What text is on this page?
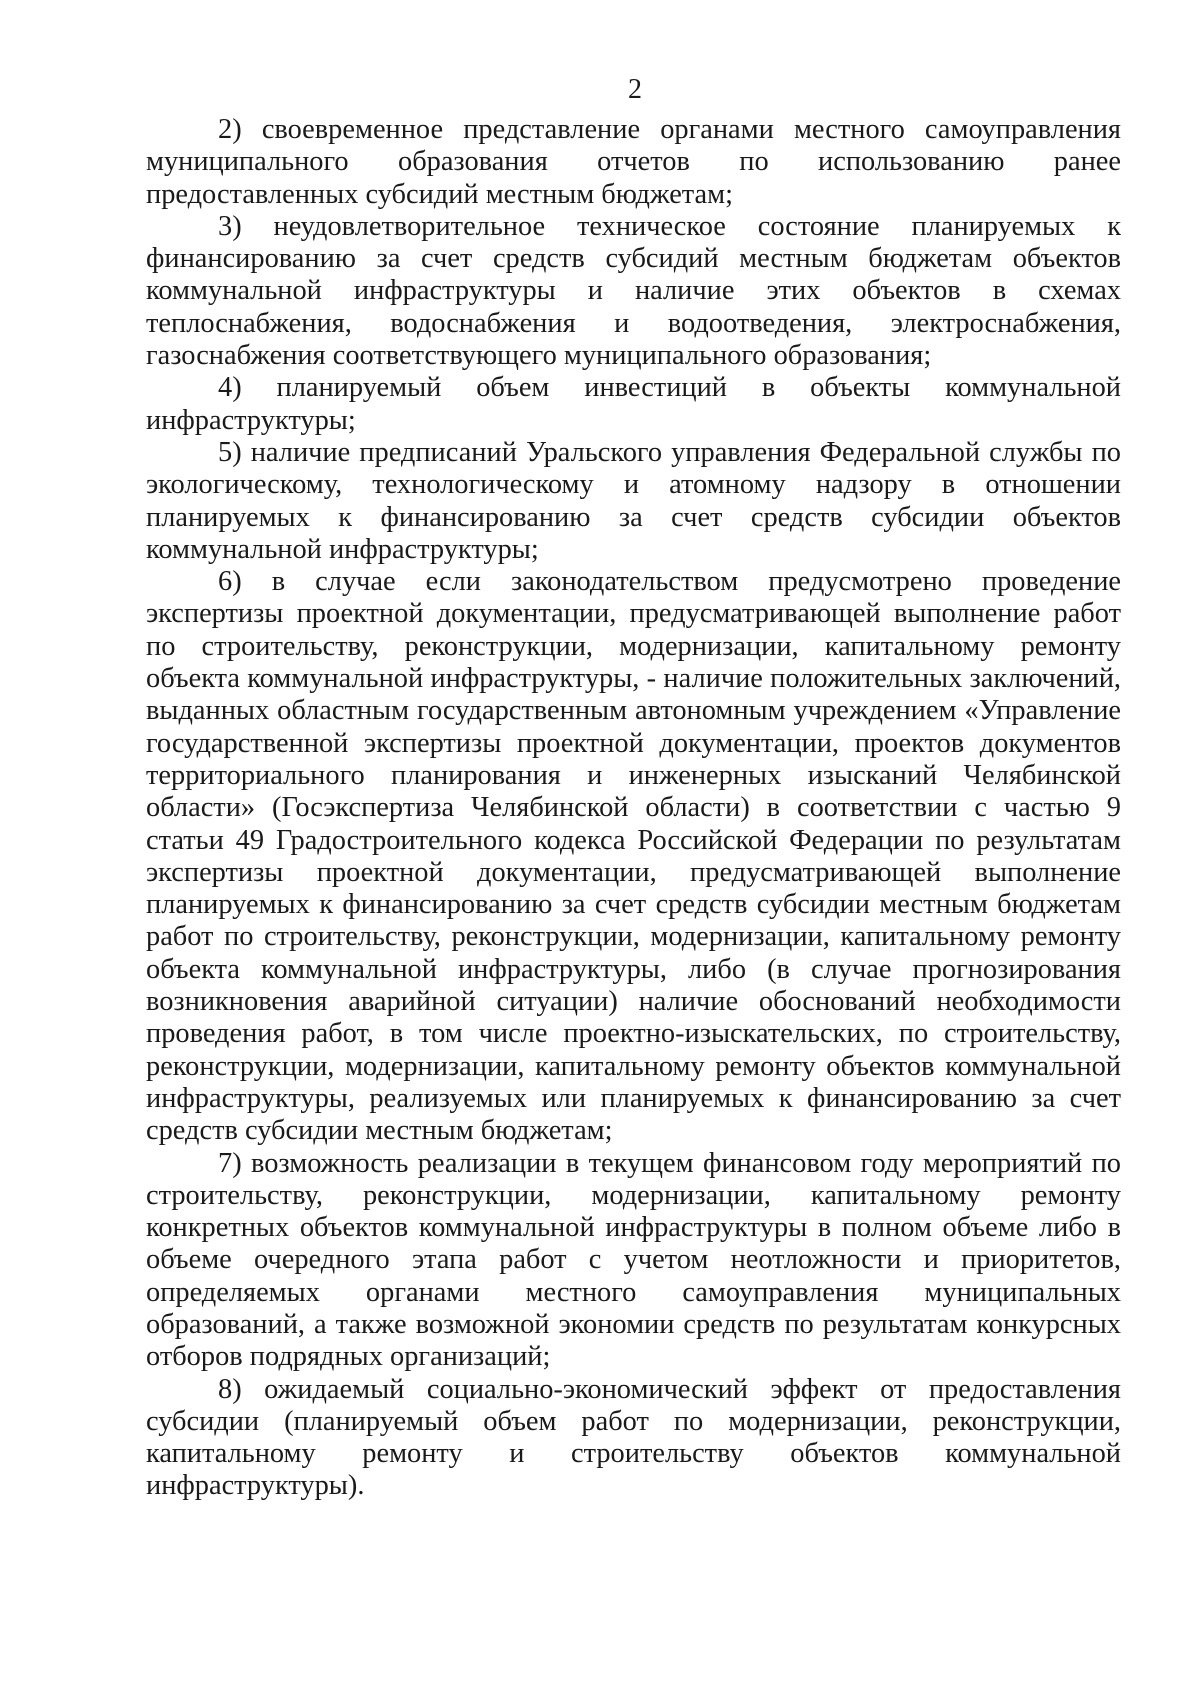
2

2) своевременное представление органами местного самоуправления муниципального образования отчетов по использованию ранее предоставленных субсидий местным бюджетам;

3) неудовлетворительное техническое состояние планируемых к финансированию за счет средств субсидий местным бюджетам объектов коммунальной инфраструктуры и наличие этих объектов в схемах теплоснабжения, водоснабжения и водоотведения, электроснабжения, газоснабжения соответствующего муниципального образования;

4) планируемый объем инвестиций в объекты коммунальной инфраструктуры;

5) наличие предписаний Уральского управления Федеральной службы по экологическому, технологическому и атомному надзору в отношении планируемых к финансированию за счет средств субсидии объектов коммунальной инфраструктуры;

6) в случае если законодательством предусмотрено проведение экспертизы проектной документации, предусматривающей выполнение работ по строительству, реконструкции, модернизации, капитальному ремонту объекта коммунальной инфраструктуры, - наличие положительных заключений, выданных областным государственным автономным учреждением «Управление государственной экспертизы проектной документации, проектов документов территориального планирования и инженерных изысканий Челябинской области» (Госэкспертиза Челябинской области) в соответствии с частью 9 статьи 49 Градостроительного кодекса Российской Федерации по результатам экспертизы проектной документации, предусматривающей выполнение планируемых к финансированию за счет средств субсидии местным бюджетам работ по строительству, реконструкции, модернизации, капитальному ремонту объекта коммунальной инфраструктуры, либо (в случае прогнозирования возникновения аварийной ситуации) наличие обоснований необходимости проведения работ, в том числе проектно-изыскательских, по строительству, реконструкции, модернизации, капитальному ремонту объектов коммунальной инфраструктуры, реализуемых или планируемых к финансированию за счет средств субсидии местным бюджетам;

7) возможность реализации в текущем финансовом году мероприятий по строительству, реконструкции, модернизации, капитальному ремонту конкретных объектов коммунальной инфраструктуры в полном объеме либо в объеме очередного этапа работ с учетом неотложности и приоритетов, определяемых органами местного самоуправления муниципальных образований, а также возможной экономии средств по результатам конкурсных отборов подрядных организаций;

8) ожидаемый социально-экономический эффект от предоставления субсидии (планируемый объем работ по модернизации, реконструкции, капитальному ремонту и строительству объектов коммунальной инфраструктуры).
